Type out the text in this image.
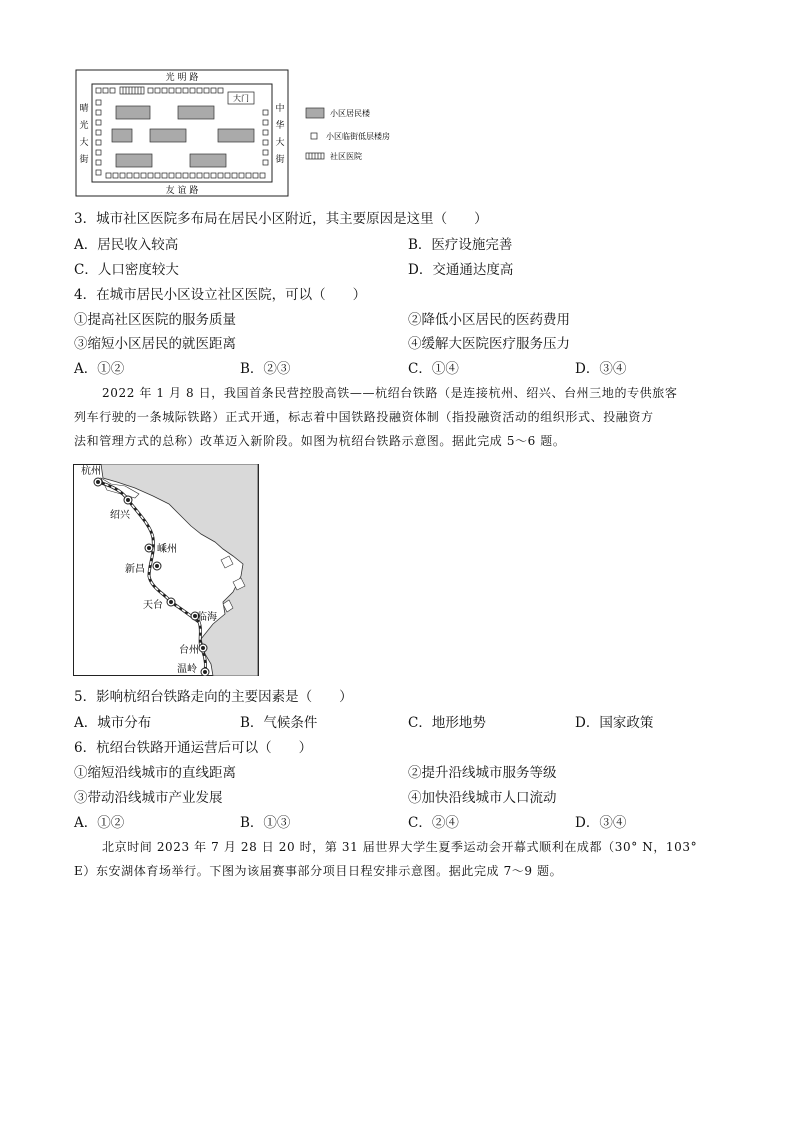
光 明 路
友 谊 路
晴
光
大
街
中
华
大
街
大门
小区居民楼
小区临街低层楼房
社区医院
3．城市社区医院多布局在居民小区附近，其主要原因是这里（　　）
A．居民收入较高	B．医疗设施完善
C．人口密度较大	D．交通通达度高
4．在城市居民小区设立社区医院，可以（　　）
①提高社区医院的服务质量	②降低小区居民的医药费用
③缩短小区居民的就医距离	④缓解大医院医疗服务压力
A．①②	B．②③	C．①④	D．③④
2022 年 1 月 8 日，我国首条民营控股高铁——杭绍台铁路（是连接杭州、绍兴、台州三地的专供旅客
列车行驶的一条城际铁路）正式开通，标志着中国铁路投融资体制（指投融资活动的组织形式、投融资方
法和管理方式的总称）改革迈入新阶段。如图为杭绍台铁路示意图。据此完成 5～6 题。
杭州
绍兴
嵊州
新昌
天台
临海
台州
温岭
5．影响杭绍台铁路走向的主要因素是（　　）
A．城市分布	B．气候条件	C．地形地势	D．国家政策
6．杭绍台铁路开通运营后可以（　　）
①缩短沿线城市的直线距离	②提升沿线城市服务等级
③带动沿线城市产业发展	④加快沿线城市人口流动
A．①②	B．①③	C．②④	D．③④
北京时间 2023 年 7 月 28 日 20 时，第 31 届世界大学生夏季运动会开幕式顺利在成都（30° N，103°
E）东安湖体育场举行。下图为该届赛事部分项目日程安排示意图。据此完成 7～9 题。
